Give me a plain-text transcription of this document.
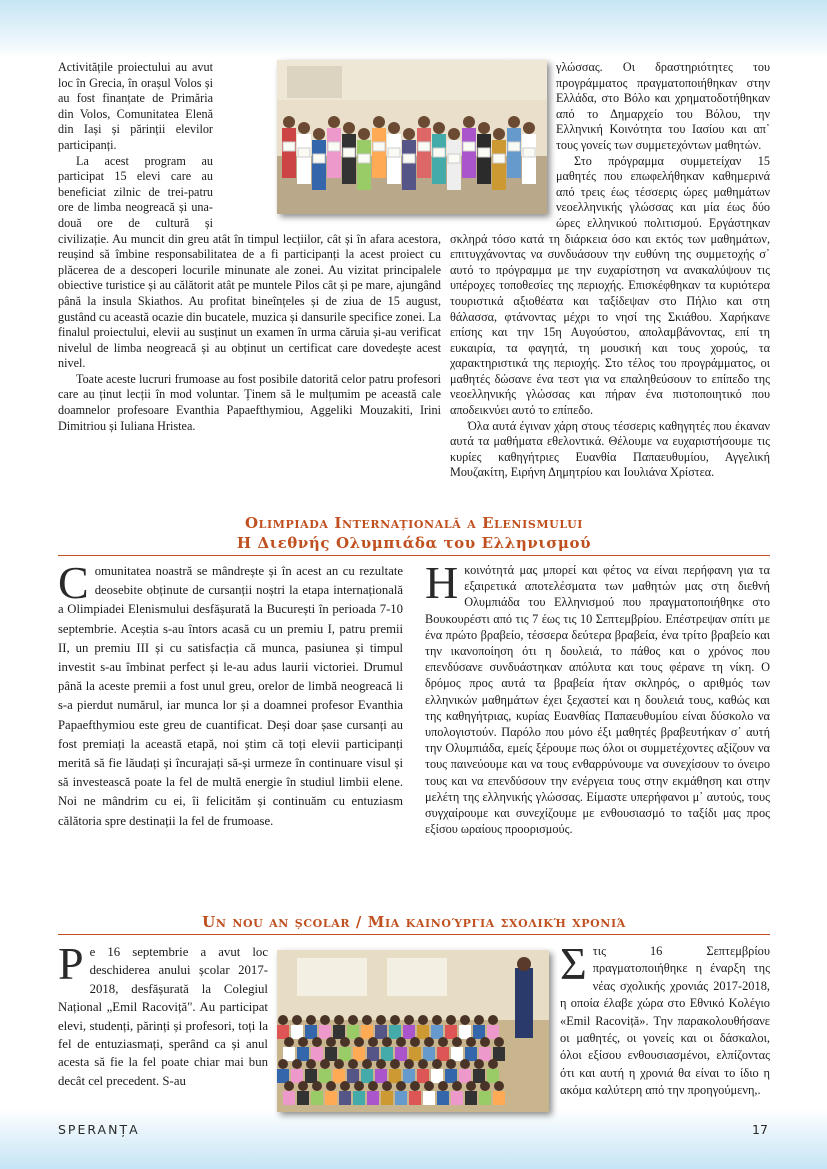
Activitățile proiectului au avut loc în Grecia, în orașul Volos și au fost finanțate de Primăria din Volos, Comunitatea Elenă din Iași și părinții elevilor participanți.

La acest program au participat 15 elevi care au beneficiat zilnic de trei-patru ore de limba neogreacă și una-două ore de cultură și civilizație. Au muncit din greu atât în timpul lecțiilor, cât și în afara acestora, reușind să îmbine responsabilitatea de a fi participanți la acest proiect cu plăcerea de a descoperi locurile minunate ale zonei. Au vizitat principalele obiective turistice și au călătorit atât pe muntele Pilos cât și pe mare, ajungând până la insula Skiathos. Au profitat bineînțeles și de ziua de 15 august, gustând cu această ocazie din bucatele, muzica și dansurile specifice zonei. La finalul proiectului, elevii au susținut un examen în urma căruia și-au verificat nivelul de limba neogreacă și au obținut un certificat care dovedește acest nivel.

Toate aceste lucruri frumoase au fost posibile datorită celor patru profesori care au ținut lecții în mod voluntar. Ținem să le mulțumim pe această cale doamnelor profesoare Evanthia Papaefthymiou, Aggeliki Mouzakiti, Irini Dimitriou și Iuliana Hristea.

γλώσσας. Οι δραστηριότητες του προγράμματος πραγματοποιήθηκαν στην Ελλάδα, στο Βόλο και χρηματοδοτήθηκαν από το Δημαρχείο του Βόλου, την Ελληνική Κοινότητα του Ιασίου και απ᾽ τους γονείς των συμμετεχόντων μαθητών.

Στο πρόγραμμα συμμετείχαν 15 μαθητές που επωφελήθηκαν καθημερινά από τρεις έως τέσσερις ώρες μαθημάτων νεοελληνικής γλώσσας και μία έως δύο ώρες ελληνικού πολιτισμού. Εργάστηκαν σκληρά τόσο κατά τη διάρκεια όσο και εκτός των μαθημάτων, επιτυγχάνοντας να συνδυάσουν την ευθύνη της συμμετοχής σ᾽ αυτό το πρόγραμμα με την ευχαρίστηση να ανακαλύψουν τις υπέροχες τοποθεσίες της περιοχής. Επισκέφθηκαν τα κυριότερα τουριστικά αξιοθέατα και ταξίδεψαν στο Πήλιο και στη θάλασσα, φτάνοντας μέχρι το νησί της Σκιάθου. Χαρήκανε επίσης και την 15η Αυγούστου, απολαμβάνοντας, επί τη ευκαιρία, τα φαγητά, τη μουσική και τους χορούς, τα χαρακτηριστικά της περιοχής. Στο τέλος του προγράμματος, οι μαθητές δώσανε ένα τεστ για να επαληθεύσουν το επίπεδο της νεοελληνικής γλώσσας και πήραν ένα πιστοποιητικό που αποδεικνύει αυτό το επίπεδο.

Όλα αυτά έγιναν χάρη στους τέσσερις καθηγητές που έκαναν αυτά τα μαθήματα εθελοντικά. Θέλουμε να ευχαριστήσουμε τις κυρίες καθηγήτριες Ευανθία Παπαευθυμίου, Αγγελική Μουζακίτη, Ειρήνη Δημητρίου και Ιουλιάνα Χρίστεα.

Olimpiada Internațională a Elenismului
Η Διεθνής Ολυμπιάδα του Ελληνισμού
C omunitatea noastră se mândrește și în acest an cu rezultate deosebite obținute de cursanții noștri la etapa internațională a Olimpiadei Elenismului desfășurată la București în perioada 7-10 septembrie. Aceștia s-au întors acasă cu un premiu I, patru premii II, un premiu III și cu satisfacția că munca, pasiunea și timpul investit s-au îmbinat perfect și le-au adus laurii victoriei. Drumul până la aceste premii a fost unul greu, orelor de limbă neogreacă li s-a pierdut numărul, iar munca lor și a doamnei profesor Evanthia Papaefthymiou este greu de cuantificat. Deși doar șase cursanți au fost premiați la această etapă, noi știm că toți elevii participanți merită să fie lăudați și încurajați să-și urmeze în continuare visul și să investească poate la fel de multă energie în studiul limbii elene. Noi ne mândrim cu ei, îi felicităm și continuăm cu entuziasm călătoria spre destinații la fel de frumoase.
Η κοινότητά μας μπορεί και φέτος να είναι περήφανη για τα εξαιρετικά αποτελέσματα των μαθητών μας στη διεθνή Ολυμπιάδα του Ελληνισμού που πραγματοποιήθηκε στο Βουκουρέστι από τις 7 έως τις 10 Σεπτεμβρίου. Επέστρεψαν σπίτι με ένα πρώτο βραβείο, τέσσερα δεύτερα βραβεία, ένα τρίτο βραβείο και την ικανοποίηση ότι η δουλειά, το πάθος και ο χρόνος που επενδύσανε συνδυάστηκαν απόλυτα και τους φέρανε τη νίκη. Ο δρόμος προς αυτά τα βραβεία ήταν σκληρός, ο αριθμός των ελληνικών μαθημάτων έχει ξεχαστεί και η δουλειά τους, καθώς και της καθηγήτριας, κυρίας Ευανθίας Παπαευθυμίου είναι δύσκολο να υπολογιστούν. Παρόλο που μόνο έξι μαθητές βραβευτήκαν σ᾽ αυτή την Ολυμπιάδα, εμείς ξέρουμε πως όλοι οι συμμετέχοντες αξίζουν να τους παινεύουμε και να τους ενθαρρύνουμε να συνεχίσουν το όνειρο τους και να επενδύσουν την ενέργεια τους στην εκμάθηση και στην μελέτη της ελληνικής γλώσσας. Είμαστε υπερήφανοι μ᾽ αυτούς, τους συγχαίρουμε και συνεχίζουμε με ενθουσιασμό το ταξίδι μας προς εξίσου ωραίους προορισμούς.
Un nou an școlar / Μια καινούργια σχολική χρονιά
P e 16 septembrie a avut loc deschiderea anului școlar 2017-2018, desfășurată la Colegiul Național „Emil Racoviță". Au participat elevi, studenți, părinți și profesori, toți la fel de entuziasmați, sperând ca și anul acesta să fie la fel poate chiar mai bun decât cel precedent. S-au
Σ τις 16 Σεπτεμβρίου πραγματοποιήθηκε η έναρξη της νέας σχολικής χρονιάς 2017-2018, η οποία έλαβε χώρα στο Εθνικό Κολέγιο «Emil Racoviță». Την παρακολουθήσανε οι μαθητές, οι γονείς και οι δάσκαλοι, όλοι εξίσου ενθουσιασμένοι, ελπίζοντας ότι και αυτή η χρονιά θα είναι το ίδιο η ακόμα καλύτερη από την προηγούμενη,.
SPERANȚA	17
